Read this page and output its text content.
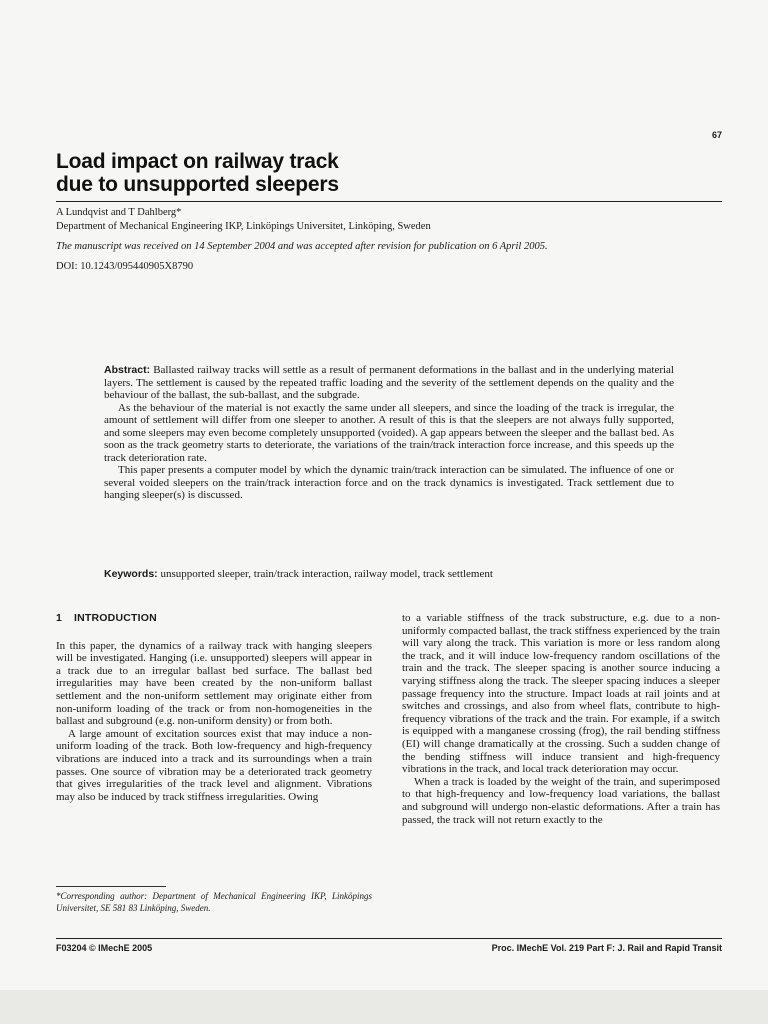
67
Load impact on railway track
due to unsupported sleepers
A Lundqvist and T Dahlberg*
Department of Mechanical Engineering IKP, Linköpings Universitet, Linköping, Sweden
The manuscript was received on 14 September 2004 and was accepted after revision for publication on 6 April 2005.
DOI: 10.1243/095440905X8790

Abstract: Ballasted railway tracks will settle as a result of permanent deformations in the ballast and in the underlying material layers. The settlement is caused by the repeated traffic loading and the severity of the settlement depends on the quality and the behaviour of the ballast, the sub-ballast, and the subgrade.

As the behaviour of the material is not exactly the same under all sleepers, and since the loading of the track is irregular, the amount of settlement will differ from one sleeper to another. A result of this is that the sleepers are not always fully supported, and some sleepers may even become completely unsupported (voided). A gap appears between the sleeper and the ballast bed. As soon as the track geometry starts to deteriorate, the variations of the train/track interaction force increase, and this speeds up the track deterioration rate.

This paper presents a computer model by which the dynamic train/track interaction can be simulated. The influence of one or several voided sleepers on the train/track interaction force and on the track dynamics is investigated. Track settlement due to hanging sleeper(s) is discussed.

Keywords: unsupported sleeper, train/track interaction, railway model, track settlement
1 INTRODUCTION

In this paper, the dynamics of a railway track with hanging sleepers will be investigated. Hanging (i.e. unsupported) sleepers will appear in a track due to an irregular ballast bed surface. The ballast bed irregularities may have been created by the non-uniform ballast settlement and the non-uniform settlement may originate either from non-uniform loading of the track or from non-homogeneities in the ballast and subground (e.g. non-uniform density) or from both.

A large amount of excitation sources exist that may induce a non-uniform loading of the track. Both low-frequency and high-frequency vibrations are induced into a track and its surroundings when a train passes. One source of vibration may be a deteriorated track geometry that gives irregularities of the track level and alignment. Vibrations may also be induced by track stiffness irregularities. Owing

to a variable stiffness of the track substructure, e.g. due to a non-uniformly compacted ballast, the track stiffness experienced by the train will vary along the track. This variation is more or less random along the track, and it will induce low-frequency random oscillations of the train and the track. The sleeper spacing is another source inducing a varying stiffness along the track. The sleeper spacing induces a sleeper passage frequency into the structure. Impact loads at rail joints and at switches and crossings, and also from wheel flats, contribute to high-frequency vibrations of the track and the train. For example, if a switch is equipped with a manganese crossing (frog), the rail bending stiffness (EI) will change dramatically at the crossing. Such a sudden change of the bending stiffness will induce transient and high-frequency vibrations in the track, and local track deterioration may occur.

When a track is loaded by the weight of the train, and superimposed to that high-frequency and low-frequency load variations, the ballast and subground will undergo non-elastic deformations. After a train has passed, the track will not return exactly to the

*Corresponding author: Department of Mechanical Engineering IKP, Linköpings Universitet, SE 581 83 Linköping, Sweden.
F03204 © IMechE 2005	Proc. IMechE Vol. 219 Part F: J. Rail and Rapid Transit
